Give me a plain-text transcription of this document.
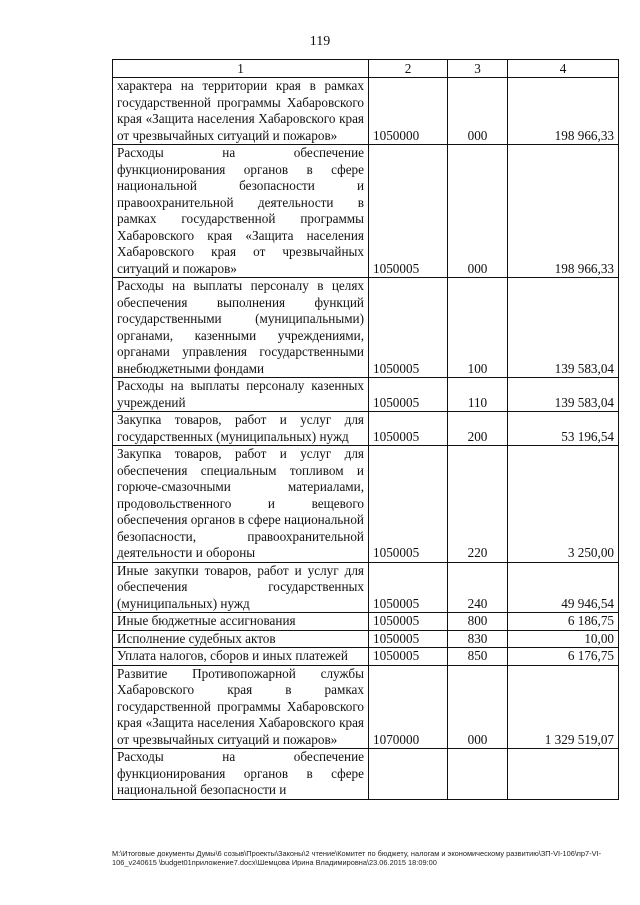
119
1	2	3	4
характера на территории края в рамках государственной программы Хабаровского края «Защита населения Хабаровского края от чрезвычайных ситуаций и пожаров»	1050000	000	198 966,33
Расходы на обеспечение функционирования органов в сфере национальной безопасности и правоохранительной деятельности в рамках государственной программы Хабаровского края «Защита населения Хабаровского края от чрезвычайных ситуаций и пожаров»	1050005	000	198 966,33
Расходы на выплаты персоналу в целях обеспечения выполнения функций государственными (муниципальными) органами, казенными учреждениями, органами управления государственными внебюджетными фондами	1050005	100	139 583,04
Расходы на выплаты персоналу казенных учреждений	1050005	110	139 583,04
Закупка товаров, работ и услуг для государственных (муниципальных) нужд	1050005	200	53 196,54
Закупка товаров, работ и услуг для обеспечения специальным топливом и горюче-смазочными материалами, продовольственного и вещевого обеспечения органов в сфере национальной безопасности, правоохранительной деятельности и обороны	1050005	220	3 250,00
Иные закупки товаров, работ и услуг для обеспечения государственных (муниципальных) нужд	1050005	240	49 946,54
Иные бюджетные ассигнования	1050005	800	6 186,75
Исполнение судебных актов	1050005	830	10,00
Уплата налогов, сборов и иных платежей	1050005	850	6 176,75
Развитие Противопожарной службы Хабаровского края в рамках государственной программы Хабаровского края «Защита населения Хабаровского края от чрезвычайных ситуаций и пожаров»	1070000	000	1 329 519,07
Расходы на обеспечение функционирования органов в сфере национальной безопасности и			
M:\Итоговые документы Думы\6 созыв\Проекты\Законы\2 чтение\Комитет по бюджету, налогам и экономическому развитию\ЗП-VI-106\пр7-VI-106_v240615 \budget01приложение7.docx\Шемцова Ирина Владимировна\23.06.2015 18:09:00
